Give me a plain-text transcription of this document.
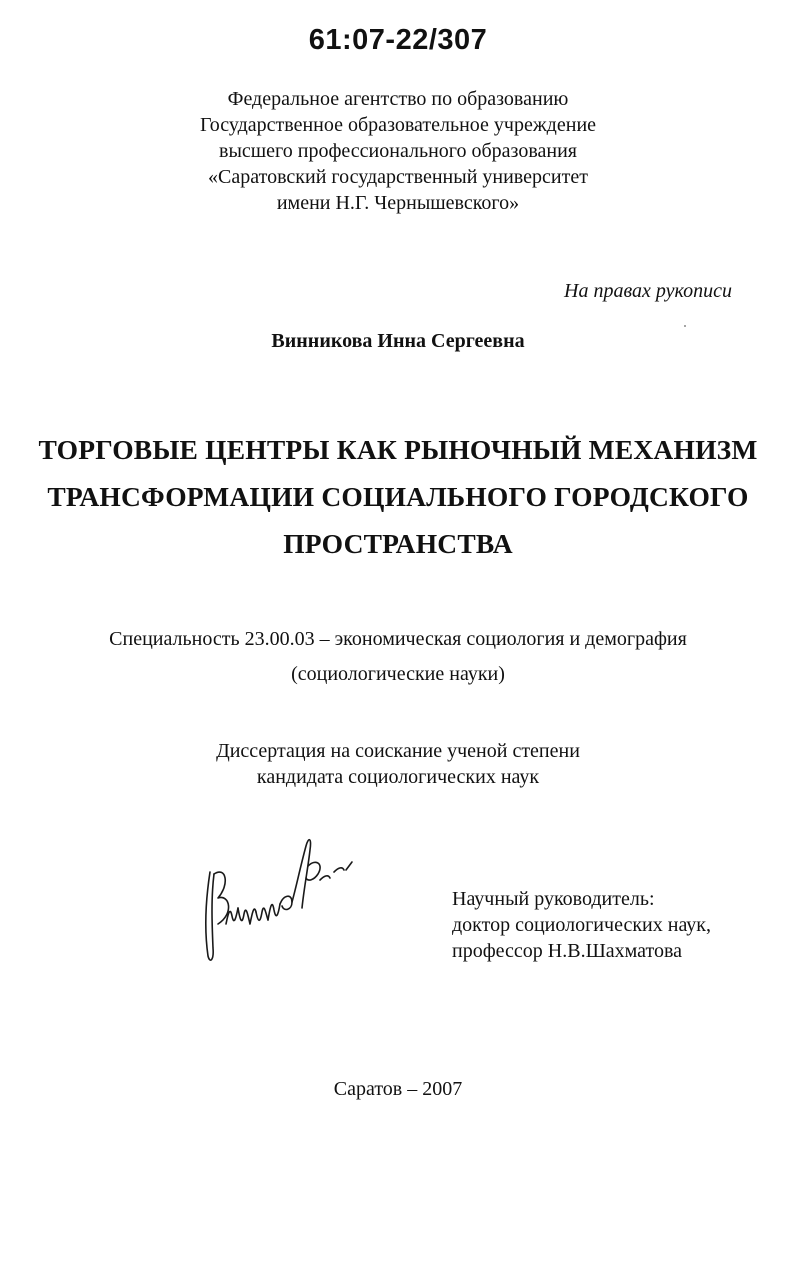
61:07-22/307
Федеральное агентство по образованию
Государственное образовательное учреждение
высшего профессионального образования
«Саратовский государственный университет
имени Н.Г. Чернышевского»
На правах рукописи
Винникова Инна Сергеевна
ТОРГОВЫЕ ЦЕНТРЫ КАК РЫНОЧНЫЙ МЕХАНИЗМ
ТРАНСФОРМАЦИИ СОЦИАЛЬНОГО ГОРОДСКОГО
ПРОСТРАНСТВА
Специальность 23.00.03 – экономическая социология и демография
(социологические науки)
Диссертация на соискание ученой степени
кандидата социологических наук
Научный руководитель:
доктор социологических наук,
профессор Н.В.Шахматова
Саратов – 2007
